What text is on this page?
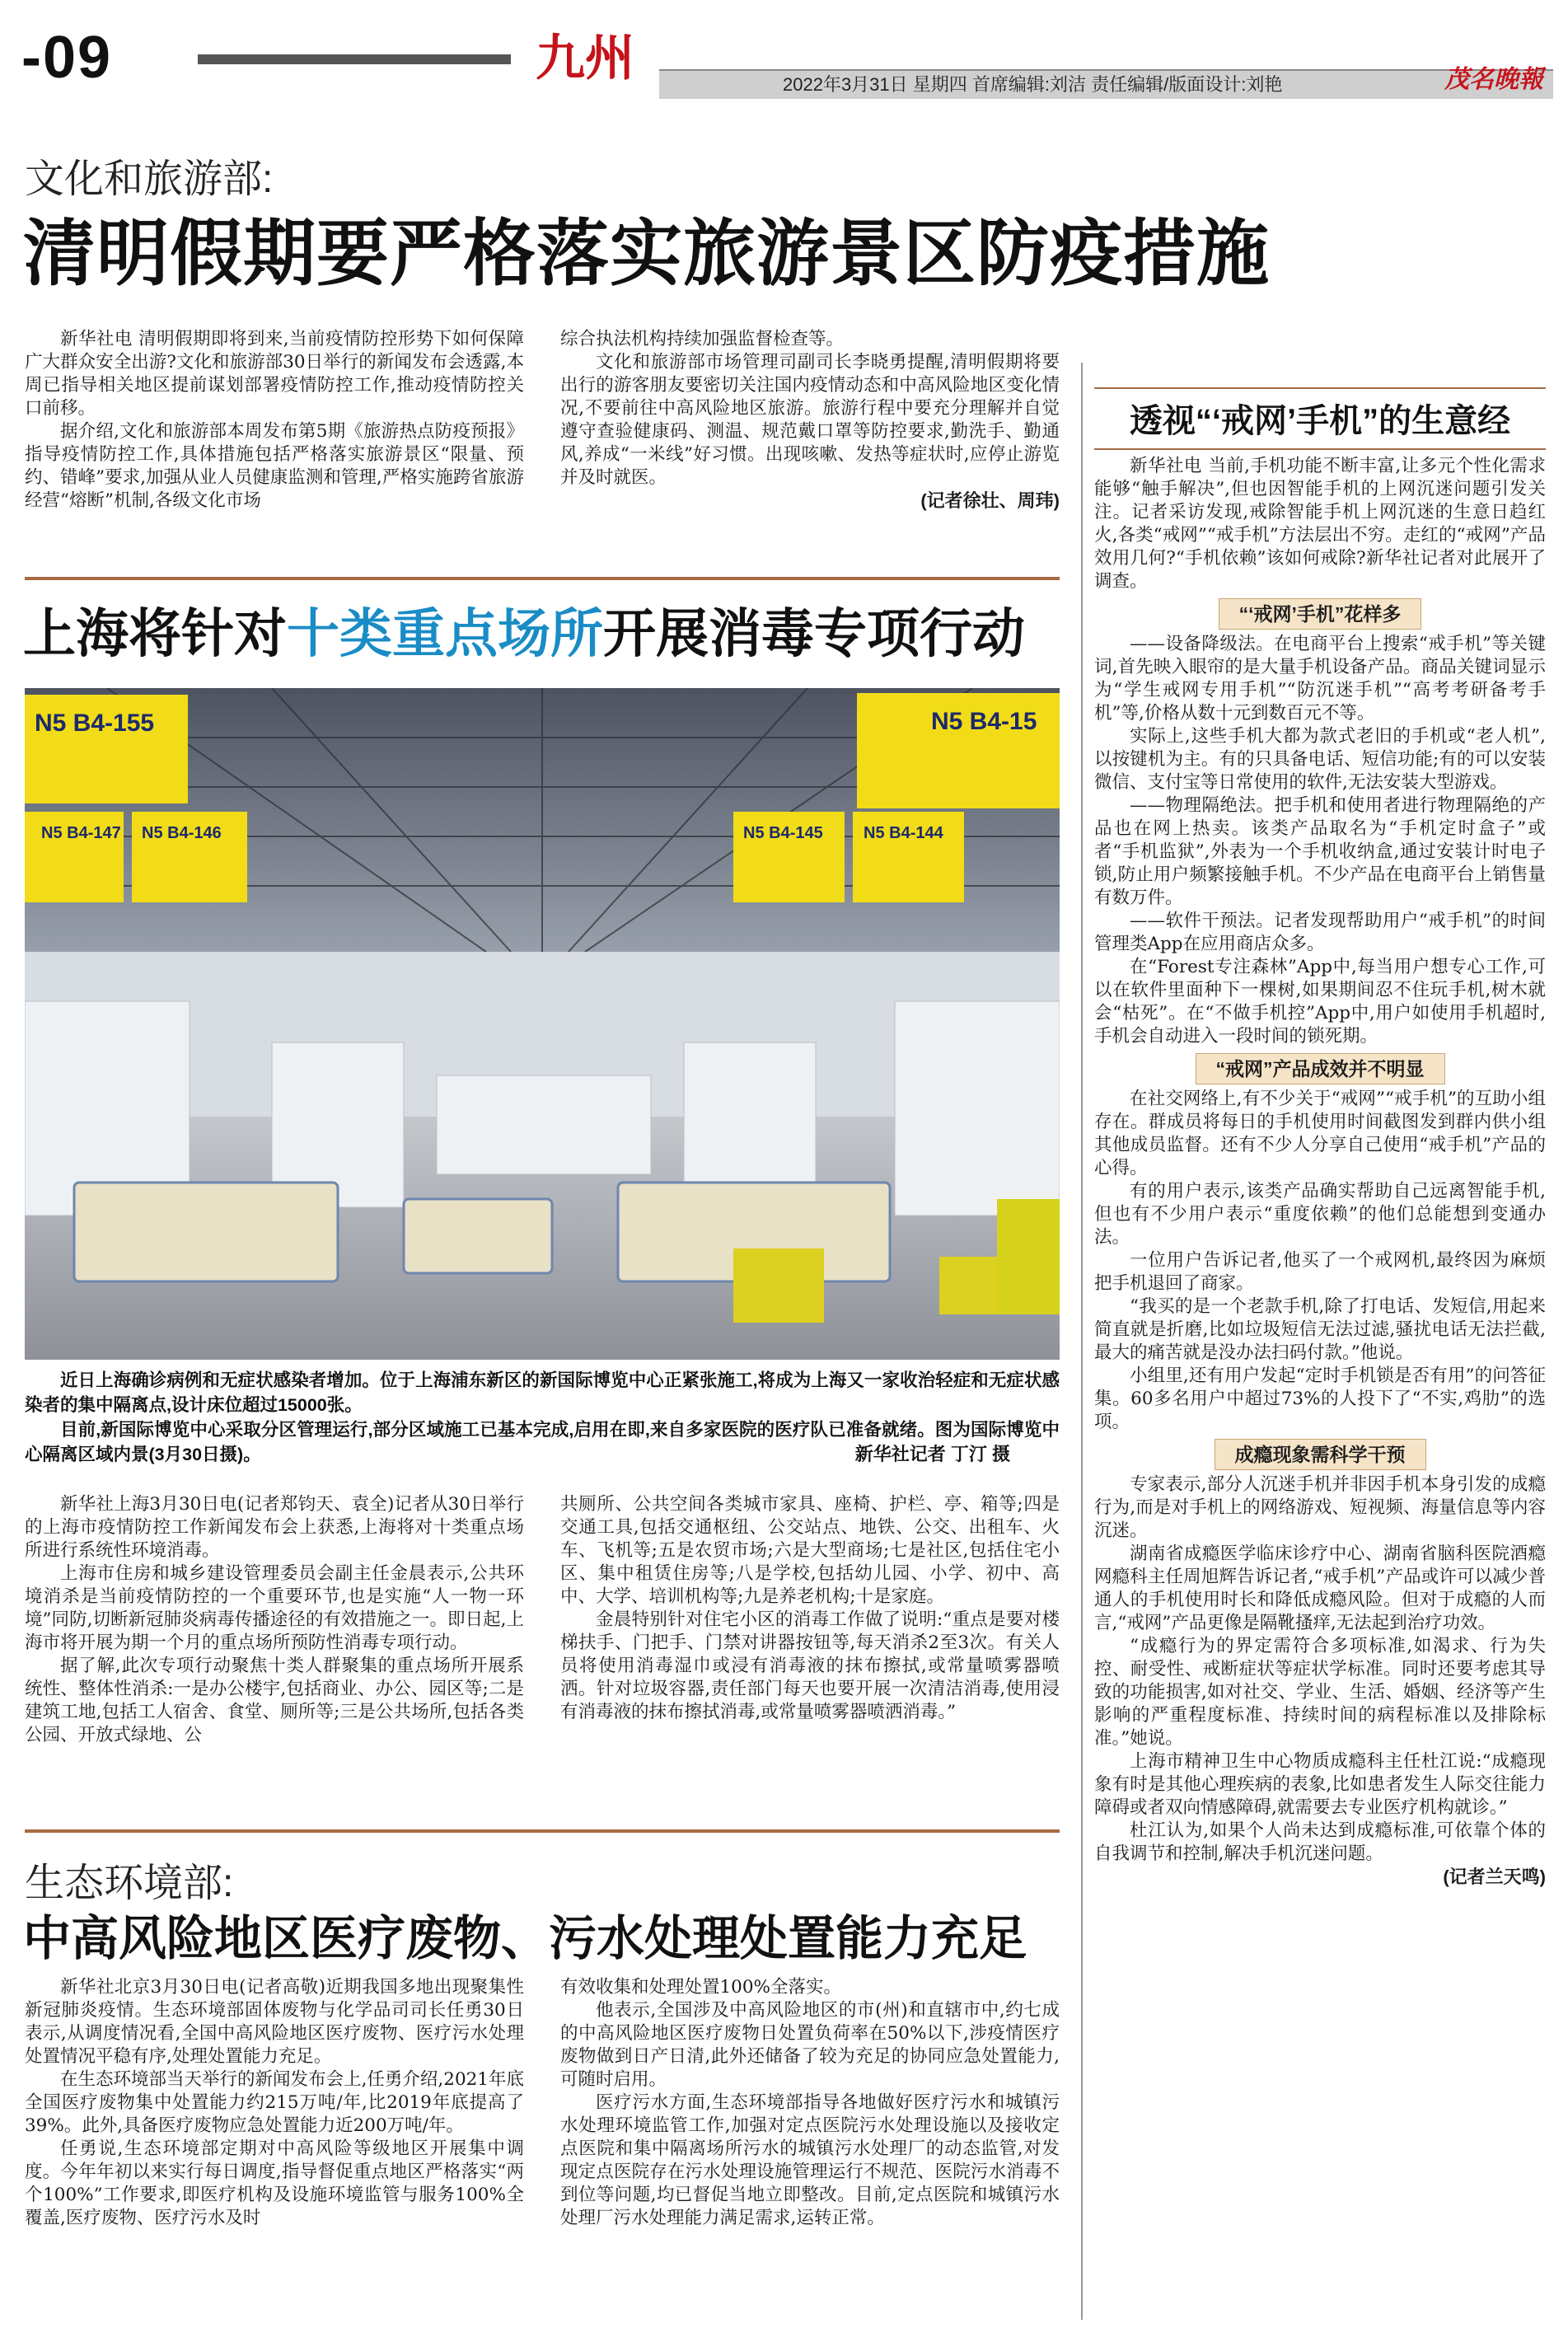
-09	九州	2022年3月31日 星期四 首席编辑:刘洁 责任编辑/版面设计:刘艳	茂名晚報
文化和旅游部:
清明假期要严格落实旅游景区防疫措施

新华社电 清明假期即将到来,当前疫情防控形势下如何保障广大群众安全出游?文化和旅游部30日举行的新闻发布会透露,本周已指导相关地区提前谋划部署疫情防控工作,推动疫情防控关口前移。

据介绍,文化和旅游部本周发布第5期《旅游热点防疫预报》指导疫情防控工作,具体措施包括严格落实旅游景区“限量、预约、错峰”要求,加强从业人员健康监测和管理,严格实施跨省旅游经营“熔断”机制,各级文化市场

综合执法机构持续加强监督检查等。

文化和旅游部市场管理司副司长李晓勇提醒,清明假期将要出行的游客朋友要密切关注国内疫情动态和中高风险地区变化情况,不要前往中高风险地区旅游。旅游行程中要充分理解并自觉遵守查验健康码、测温、规范戴口罩等防控要求,勤洗手、勤通风,养成“一米线”好习惯。出现咳嗽、发热等症状时,应停止游览并及时就医。

(记者徐壮、周玮)
上海将针对十类重点场所开展消毒专项行动
N5 B4-155
N5 B4-147 N5 B4-146	N5 B4-145 N5 B4-144
N5 B4-15

近日上海确诊病例和无症状感染者增加。位于上海浦东新区的新国际博览中心正紧张施工,将成为上海又一家收治轻症和无症状感染者的集中隔离点,设计床位超过15000张。

目前,新国际博览中心采取分区管理运行,部分区域施工已基本完成,启用在即,来自多家医院的医疗队已准备就绪。图为国际博览中心隔离区域内景(3月30日摄)。	新华社记者 丁汀 摄

新华社上海3月30日电(记者郑钧天、袁全)记者从30日举行的上海市疫情防控工作新闻发布会上获悉,上海将对十类重点场所进行系统性环境消毒。

上海市住房和城乡建设管理委员会副主任金晨表示,公共环境消杀是当前疫情防控的一个重要环节,也是实施“人一物一环境”同防,切断新冠肺炎病毒传播途径的有效措施之一。即日起,上海市将开展为期一个月的重点场所预防性消毒专项行动。

据了解,此次专项行动聚焦十类人群聚集的重点场所开展系统性、整体性消杀:一是办公楼宇,包括商业、办公、园区等;二是建筑工地,包括工人宿舍、食堂、厕所等;三是公共场所,包括各类公园、开放式绿地、公

共厕所、公共空间各类城市家具、座椅、护栏、亭、箱等;四是交通工具,包括交通枢纽、公交站点、地铁、公交、出租车、火车、飞机等;五是农贸市场;六是大型商场;七是社区,包括住宅小区、集中租赁住房等;八是学校,包括幼儿园、小学、初中、高中、大学、培训机构等;九是养老机构;十是家庭。

金晨特别针对住宅小区的消毒工作做了说明:“重点是要对楼梯扶手、门把手、门禁对讲器按钮等,每天消杀2至3次。有关人员将使用消毒湿巾或浸有消毒液的抹布擦拭,或常量喷雾器喷洒。针对垃圾容器,责任部门每天也要开展一次清洁消毒,使用浸有消毒液的抹布擦拭消毒,或常量喷雾器喷洒消毒。”

生态环境部:
中高风险地区医疗废物、污水处理处置能力充足

新华社北京3月30日电(记者高敬)近期我国多地出现聚集性新冠肺炎疫情。生态环境部固体废物与化学品司司长任勇30日表示,从调度情况看,全国中高风险地区医疗废物、医疗污水处理处置情况平稳有序,处理处置能力充足。

在生态环境部当天举行的新闻发布会上,任勇介绍,2021年底全国医疗废物集中处置能力约215万吨/年,比2019年底提高了39%。此外,具备医疗废物应急处置能力近200万吨/年。

任勇说,生态环境部定期对中高风险等级地区开展集中调度。今年年初以来实行每日调度,指导督促重点地区严格落实“两个100%”工作要求,即医疗机构及设施环境监管与服务100%全覆盖,医疗废物、医疗污水及时

有效收集和处理处置100%全落实。

他表示,全国涉及中高风险地区的市(州)和直辖市中,约七成的中高风险地区医疗废物日处置负荷率在50%以下,涉疫情医疗废物做到日产日清,此外还储备了较为充足的协同应急处置能力,可随时启用。

医疗污水方面,生态环境部指导各地做好医疗污水和城镇污水处理环境监管工作,加强对定点医院污水处理设施以及接收定点医院和集中隔离场所污水的城镇污水处理厂的动态监管,对发现定点医院存在污水处理设施管理运行不规范、医院污水消毒不到位等问题,均已督促当地立即整改。目前,定点医院和城镇污水处理厂污水处理能力满足需求,运转正常。

透视“‘戒网’手机”的生意经

新华社电 当前,手机功能不断丰富,让多元个性化需求能够“触手解决”,但也因智能手机的上网沉迷问题引发关注。记者采访发现,戒除智能手机上网沉迷的生意日趋红火,各类“戒网”“戒手机”方法层出不穷。走红的“戒网”产品效用几何?“手机依赖”该如何戒除?新华社记者对此展开了调查。

“‘戒网’手机”花样多

——设备降级法。在电商平台上搜索“戒手机”等关键词,首先映入眼帘的是大量手机设备产品。商品关键词显示为“学生戒网专用手机”“防沉迷手机”“高考考研备考手机”等,价格从数十元到数百元不等。

实际上,这些手机大都为款式老旧的手机或“老人机”,以按键机为主。有的只具备电话、短信功能;有的可以安装微信、支付宝等日常使用的软件,无法安装大型游戏。

——物理隔绝法。把手机和使用者进行物理隔绝的产品也在网上热卖。该类产品取名为“手机定时盒子”或者“手机监狱”,外表为一个手机收纳盒,通过安装计时电子锁,防止用户频繁接触手机。不少产品在电商平台上销售量有数万件。

——软件干预法。记者发现帮助用户“戒手机”的时间管理类App在应用商店众多。

在“Forest专注森林”App中,每当用户想专心工作,可以在软件里面种下一棵树,如果期间忍不住玩手机,树木就会“枯死”。在“不做手机控”App中,用户如使用手机超时,手机会自动进入一段时间的锁死期。

“戒网”产品成效并不明显

在社交网络上,有不少关于“戒网”“戒手机”的互助小组存在。群成员将每日的手机使用时间截图发到群内供小组其他成员监督。还有不少人分享自己使用“戒手机”产品的心得。

有的用户表示,该类产品确实帮助自己远离智能手机,但也有不少用户表示“重度依赖”的他们总能想到变通办法。

一位用户告诉记者,他买了一个戒网机,最终因为麻烦把手机退回了商家。

“我买的是一个老款手机,除了打电话、发短信,用起来简直就是折磨,比如垃圾短信无法过滤,骚扰电话无法拦截,最大的痛苦就是没办法扫码付款。”他说。

小组里,还有用户发起“定时手机锁是否有用”的问答征集。60多名用户中超过73%的人投下了“不实,鸡肋”的选项。

成瘾现象需科学干预

专家表示,部分人沉迷手机并非因手机本身引发的成瘾行为,而是对手机上的网络游戏、短视频、海量信息等内容沉迷。

湖南省成瘾医学临床诊疗中心、湖南省脑科医院酒瘾网瘾科主任周旭辉告诉记者,“戒手机”产品或许可以减少普通人的手机使用时长和降低成瘾风险。但对于成瘾的人而言,“戒网”产品更像是隔靴搔痒,无法起到治疗功效。

“成瘾行为的界定需符合多项标准,如渴求、行为失控、耐受性、戒断症状等症状学标准。同时还要考虑其导致的功能损害,如对社交、学业、生活、婚姻、经济等产生影响的严重程度标准、持续时间的病程标准以及排除标准。”她说。

上海市精神卫生中心物质成瘾科主任杜江说:“成瘾现象有时是其他心理疾病的表象,比如患者发生人际交往能力障碍或者双向情感障碍,就需要去专业医疗机构就诊。”

杜江认为,如果个人尚未达到成瘾标准,可依靠个体的自我调节和控制,解决手机沉迷问题。

(记者兰天鸣)
